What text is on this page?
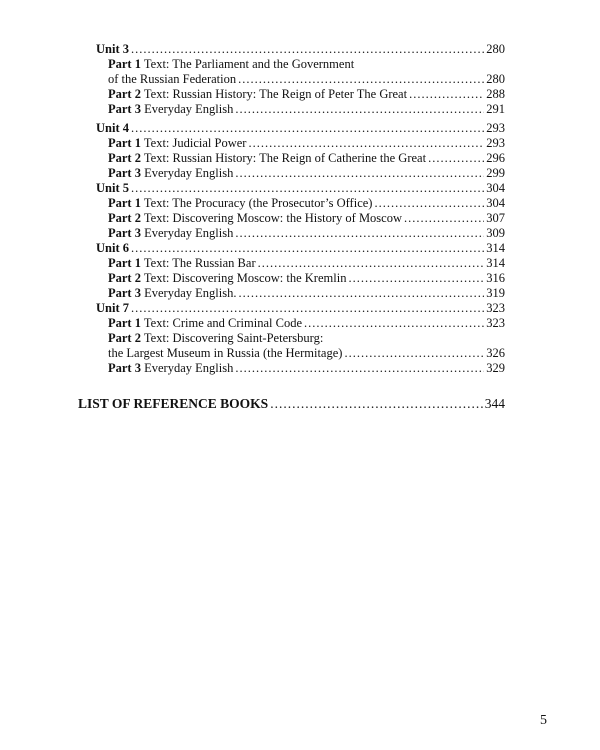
Unit 3 .....	280
Part 1 Text: The Parliament and the Government
of the Russian Federation .....	280
Part 2 Text: Russian History: The Reign of Peter The Great .....	288
Part 3 Everyday English .....	291
Unit 4 .....	293
Part 1 Text: Judicial Power .....	293
Part 2 Text: Russian History: The Reign of Catherine the Great .....	296
Part 3 Everyday English .....	299
Unit 5 .....	304
Part 1 Text: The Procuracy (the Prosecutor’s Office) .....	304
Part 2 Text: Discovering Moscow: the History of Moscow .....	307
Part 3 Everyday English .....	309
Unit 6 .....	314
Part 1 Text: The Russian Bar .....	314
Part 2 Text: Discovering Moscow: the Kremlin .....	316
Part 3 Everyday English. .....	319
Unit 7 .....	323
Part 1 Text: Crime and Criminal Code .....	323
Part 2 Text: Discovering Saint-Petersburg:
the Largest Museum in Russia (the Hermitage) .....	326
Part 3 Everyday English .....	329
LIST OF REFERENCE BOOKS .....	344
5
